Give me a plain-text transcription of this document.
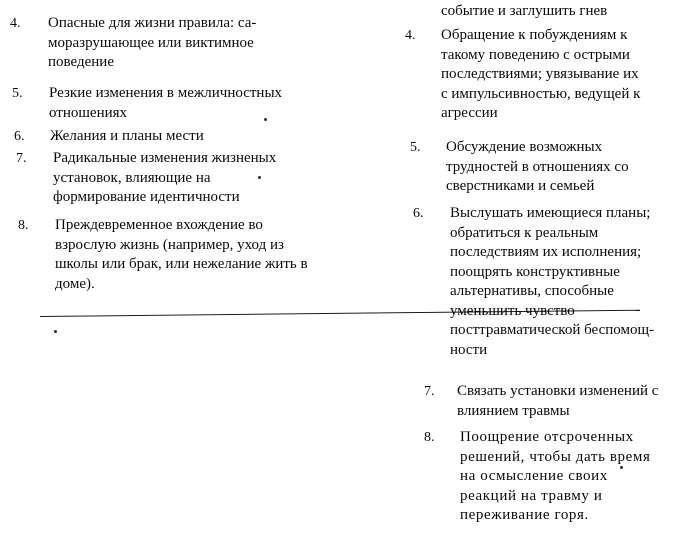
4.	Опасные для жизни правила: са-
моразрушающее или виктимное
поведение
5.	Резкие изменения в межличностных
отношениях
6.	Желания и планы мести
7.	Радикальные изменения жизненых
установок, влияющие на
формирование идентичности
8.	Преждевременное вхождение во
взрослую жизнь (например, уход из
школы или брак, или нежелание жить в
доме).
событие и заглушить гнев
4.	Обращение к побуждениям к
такому поведению с острыми
последствиями; увязывание их
с импульсивностью, ведущей к
агрессии
5.	Обсуждение возможных
трудностей в отношениях со
сверстниками и семьей
6.	Выслушать имеющиеся планы;
обратиться к реальным
последствиям их исполнения;
поощрять конструктивные
альтернативы, способные
уменьшить чувство
посттравматической беспомощ-
ности
7.	Связать установки изменений с
влиянием травмы
8.	Поощрение отсроченных
решений, чтобы дать время
на осмысление своих
реакций на травму и
переживание горя.
